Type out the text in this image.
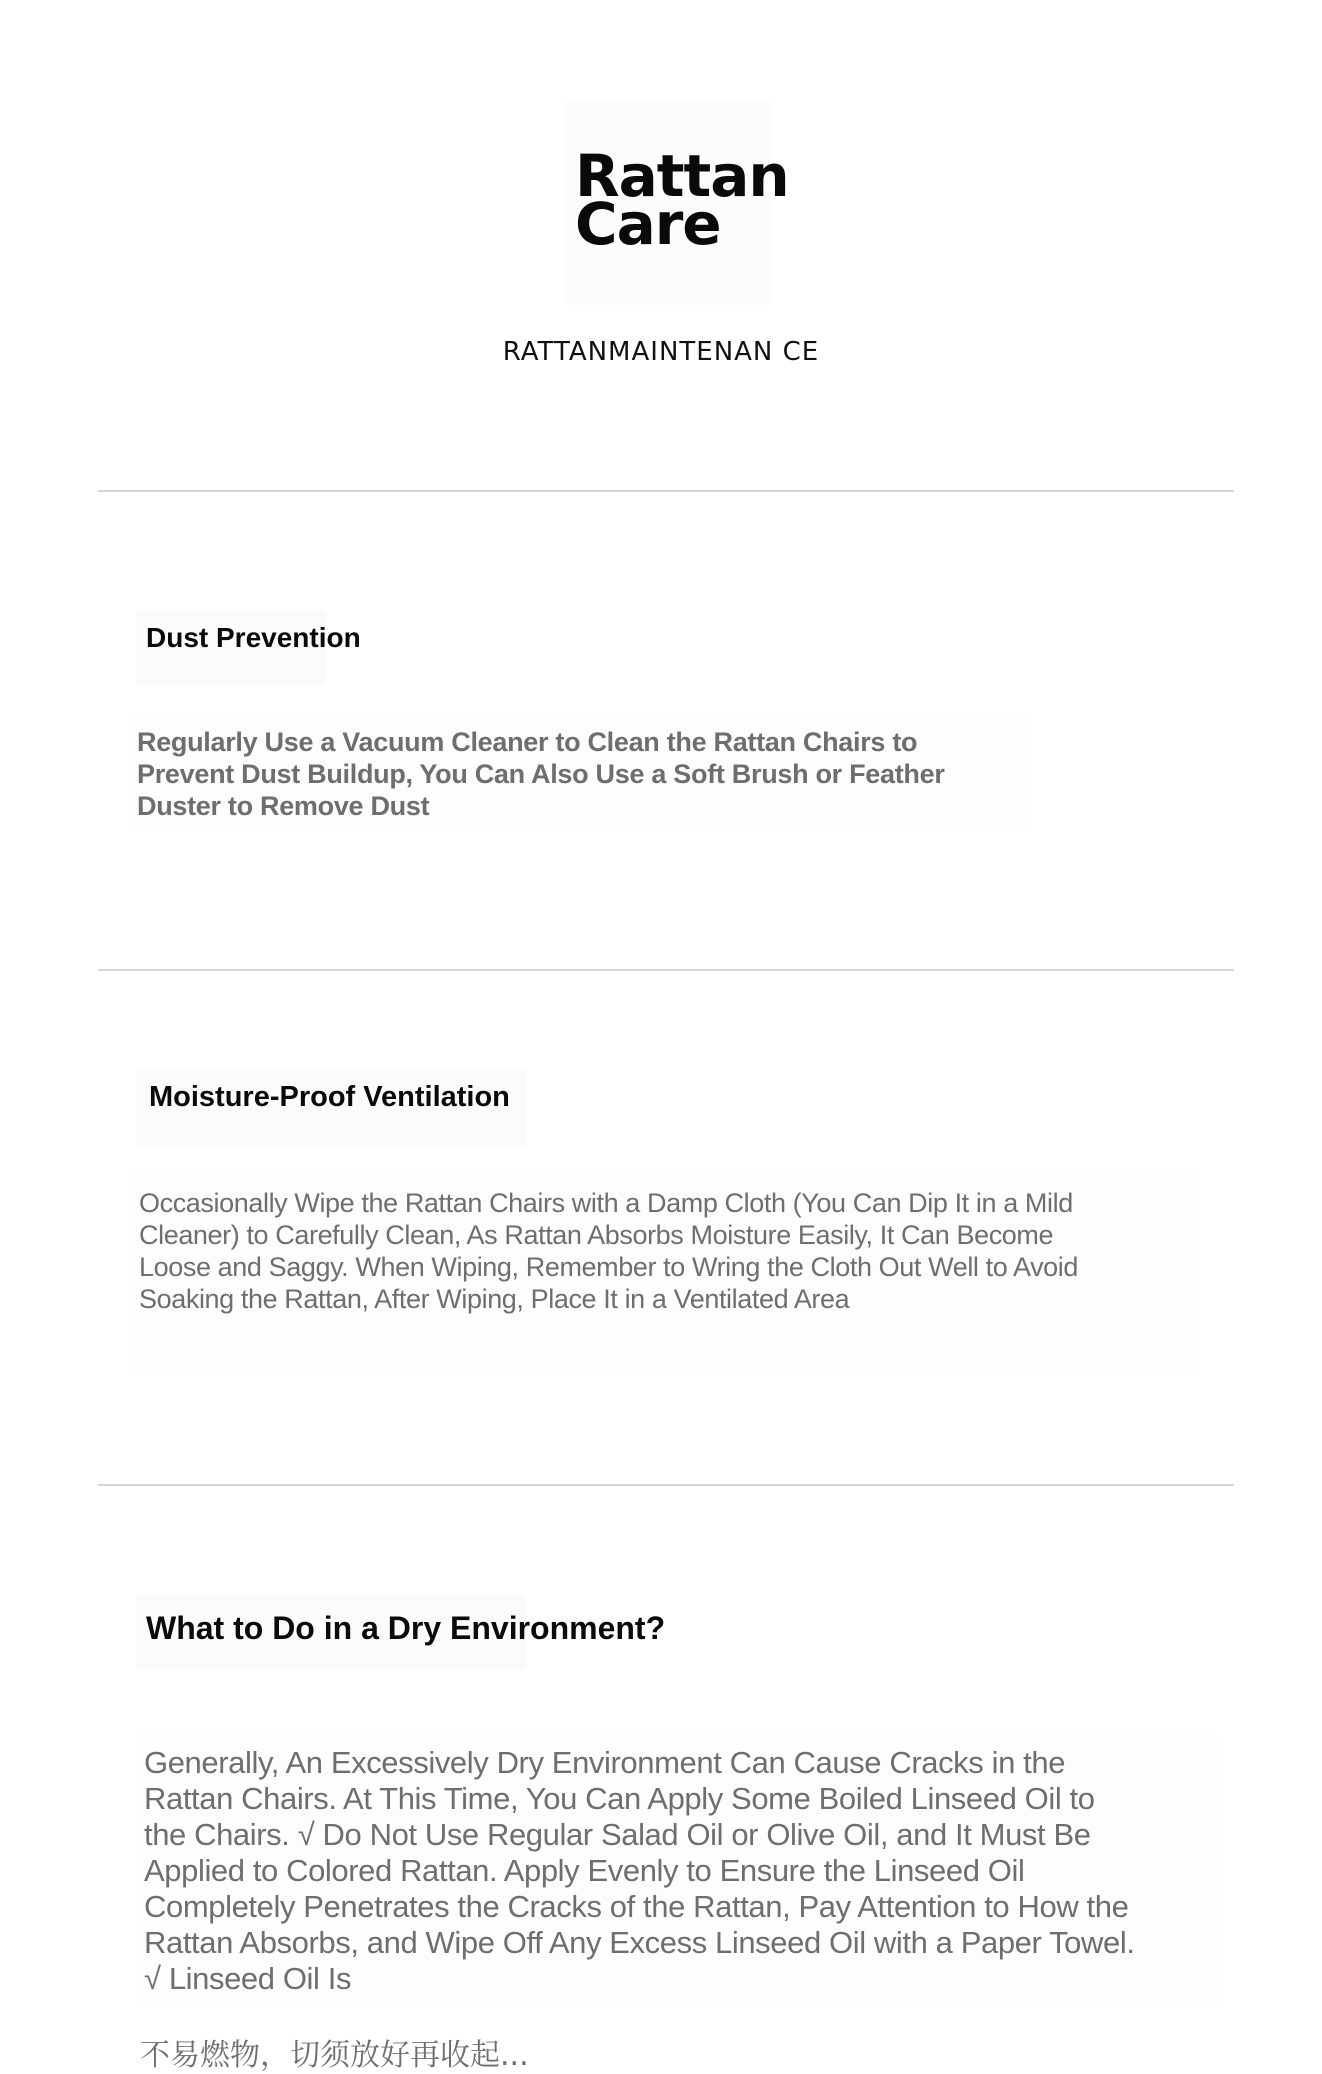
Rattan
Care

RATTANMAINTENAN CE

Dust Prevention

Regularly Use a Vacuum Cleaner to Clean the Rattan Chairs to Prevent Dust Buildup, You Can Also Use a Soft Brush or Feather Duster to Remove Dust

Moisture-Proof Ventilation

Occasionally Wipe the Rattan Chairs with a Damp Cloth (You Can Dip It in a Mild Cleaner) to Carefully Clean, As Rattan Absorbs Moisture Easily, It Can Become Loose and Saggy. When Wiping, Remember to Wring the Cloth Out Well to Avoid Soaking the Rattan, After Wiping, Place It in a Ventilated Area

What to Do in a Dry Environment?

Generally, An Excessively Dry Environment Can Cause Cracks in the Rattan Chairs. At This Time, You Can Apply Some Boiled Linseed Oil to the Chairs. √ Do Not Use Regular Salad Oil or Olive Oil, and It Must Be Applied to Colored Rattan. Apply Evenly to Ensure the Linseed Oil Completely Penetrates the Cracks of the Rattan, Pay Attention to How the Rattan Absorbs, and Wipe Off Any Excess Linseed Oil with a Paper Towel. √ Linseed Oil Is

不易燃物，切须放好再收起...
